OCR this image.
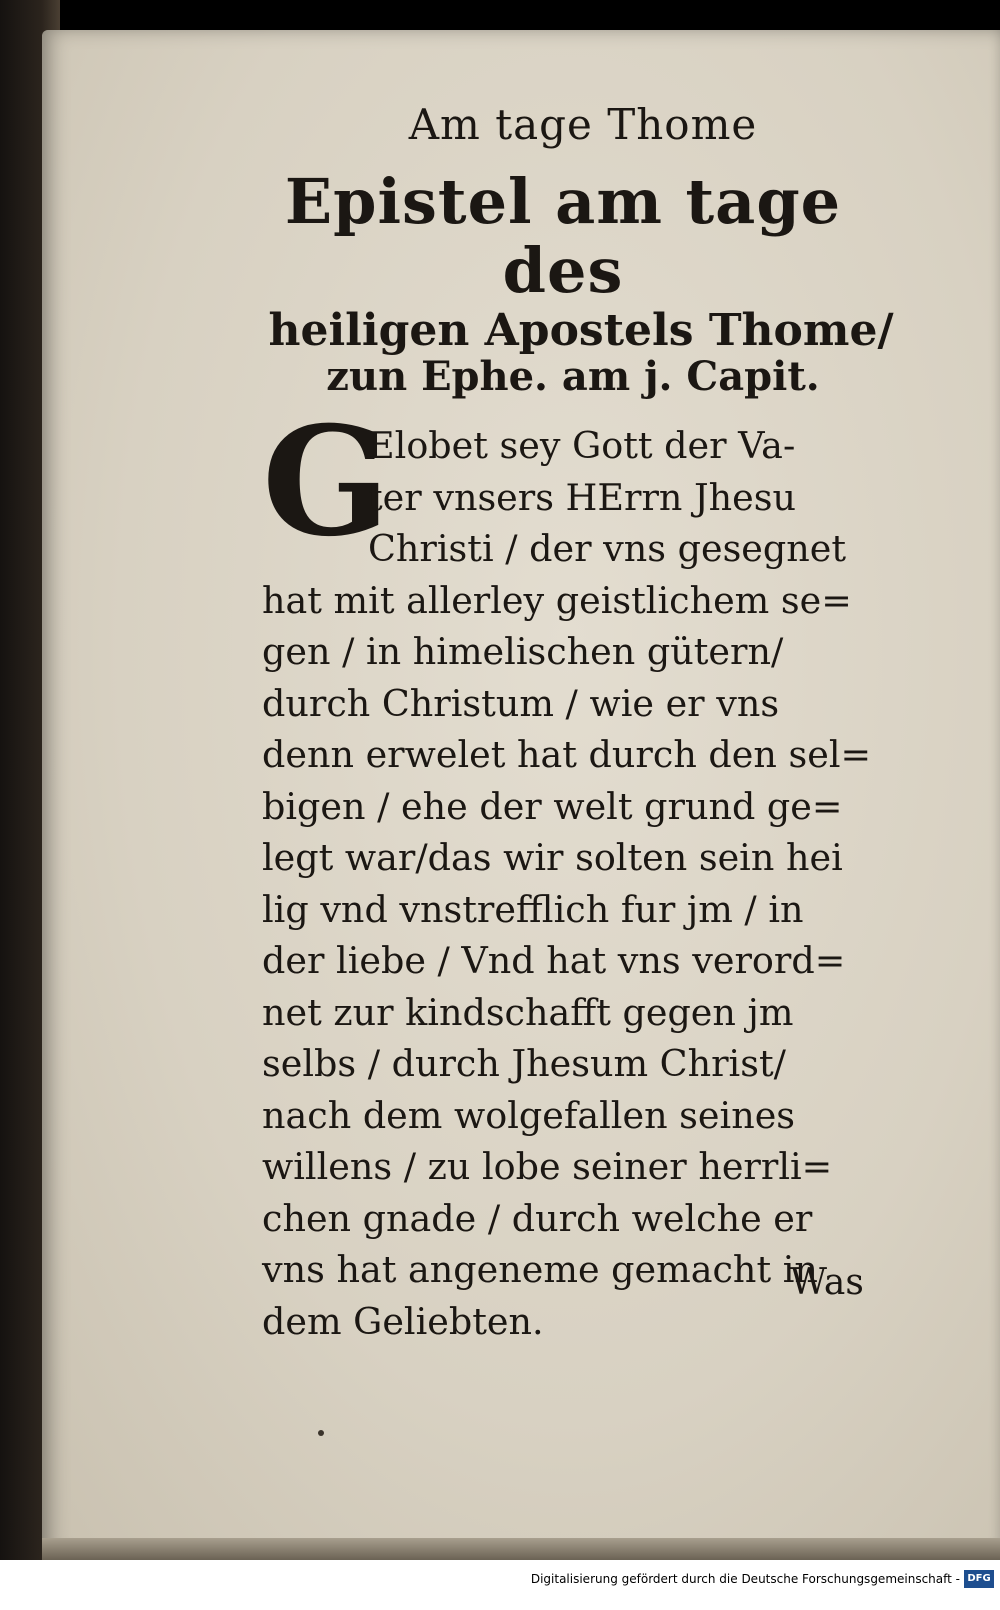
Am tage Thome
Epistel am tage des
heiligen Apostels Thome/
zun Ephe. am j. Capit.
G
Elobet sey Gott der Va-
ter vnsers HErrn Jhesu
Christi / der vns gesegnet
hat mit allerley geistlichem se=
gen / in himelischen gütern/
durch Christum / wie er vns
denn erwelet hat durch den sel=
bigen / ehe der welt grund ge=
legt war/das wir solten sein hei
lig vnd vnstrefflich fur jm / in
der liebe / Vnd hat vns verord=
net zur kindschafft gegen jm
selbs / durch Jhesum Christ/
nach dem wolgefallen seines
willens / zu lobe seiner herrli=
chen gnade / durch welche er
vns hat angeneme gemacht in
dem Geliebten.
Was
Digitalisierung gefördert durch die Deutsche Forschungsgemeinschaft - DFG
